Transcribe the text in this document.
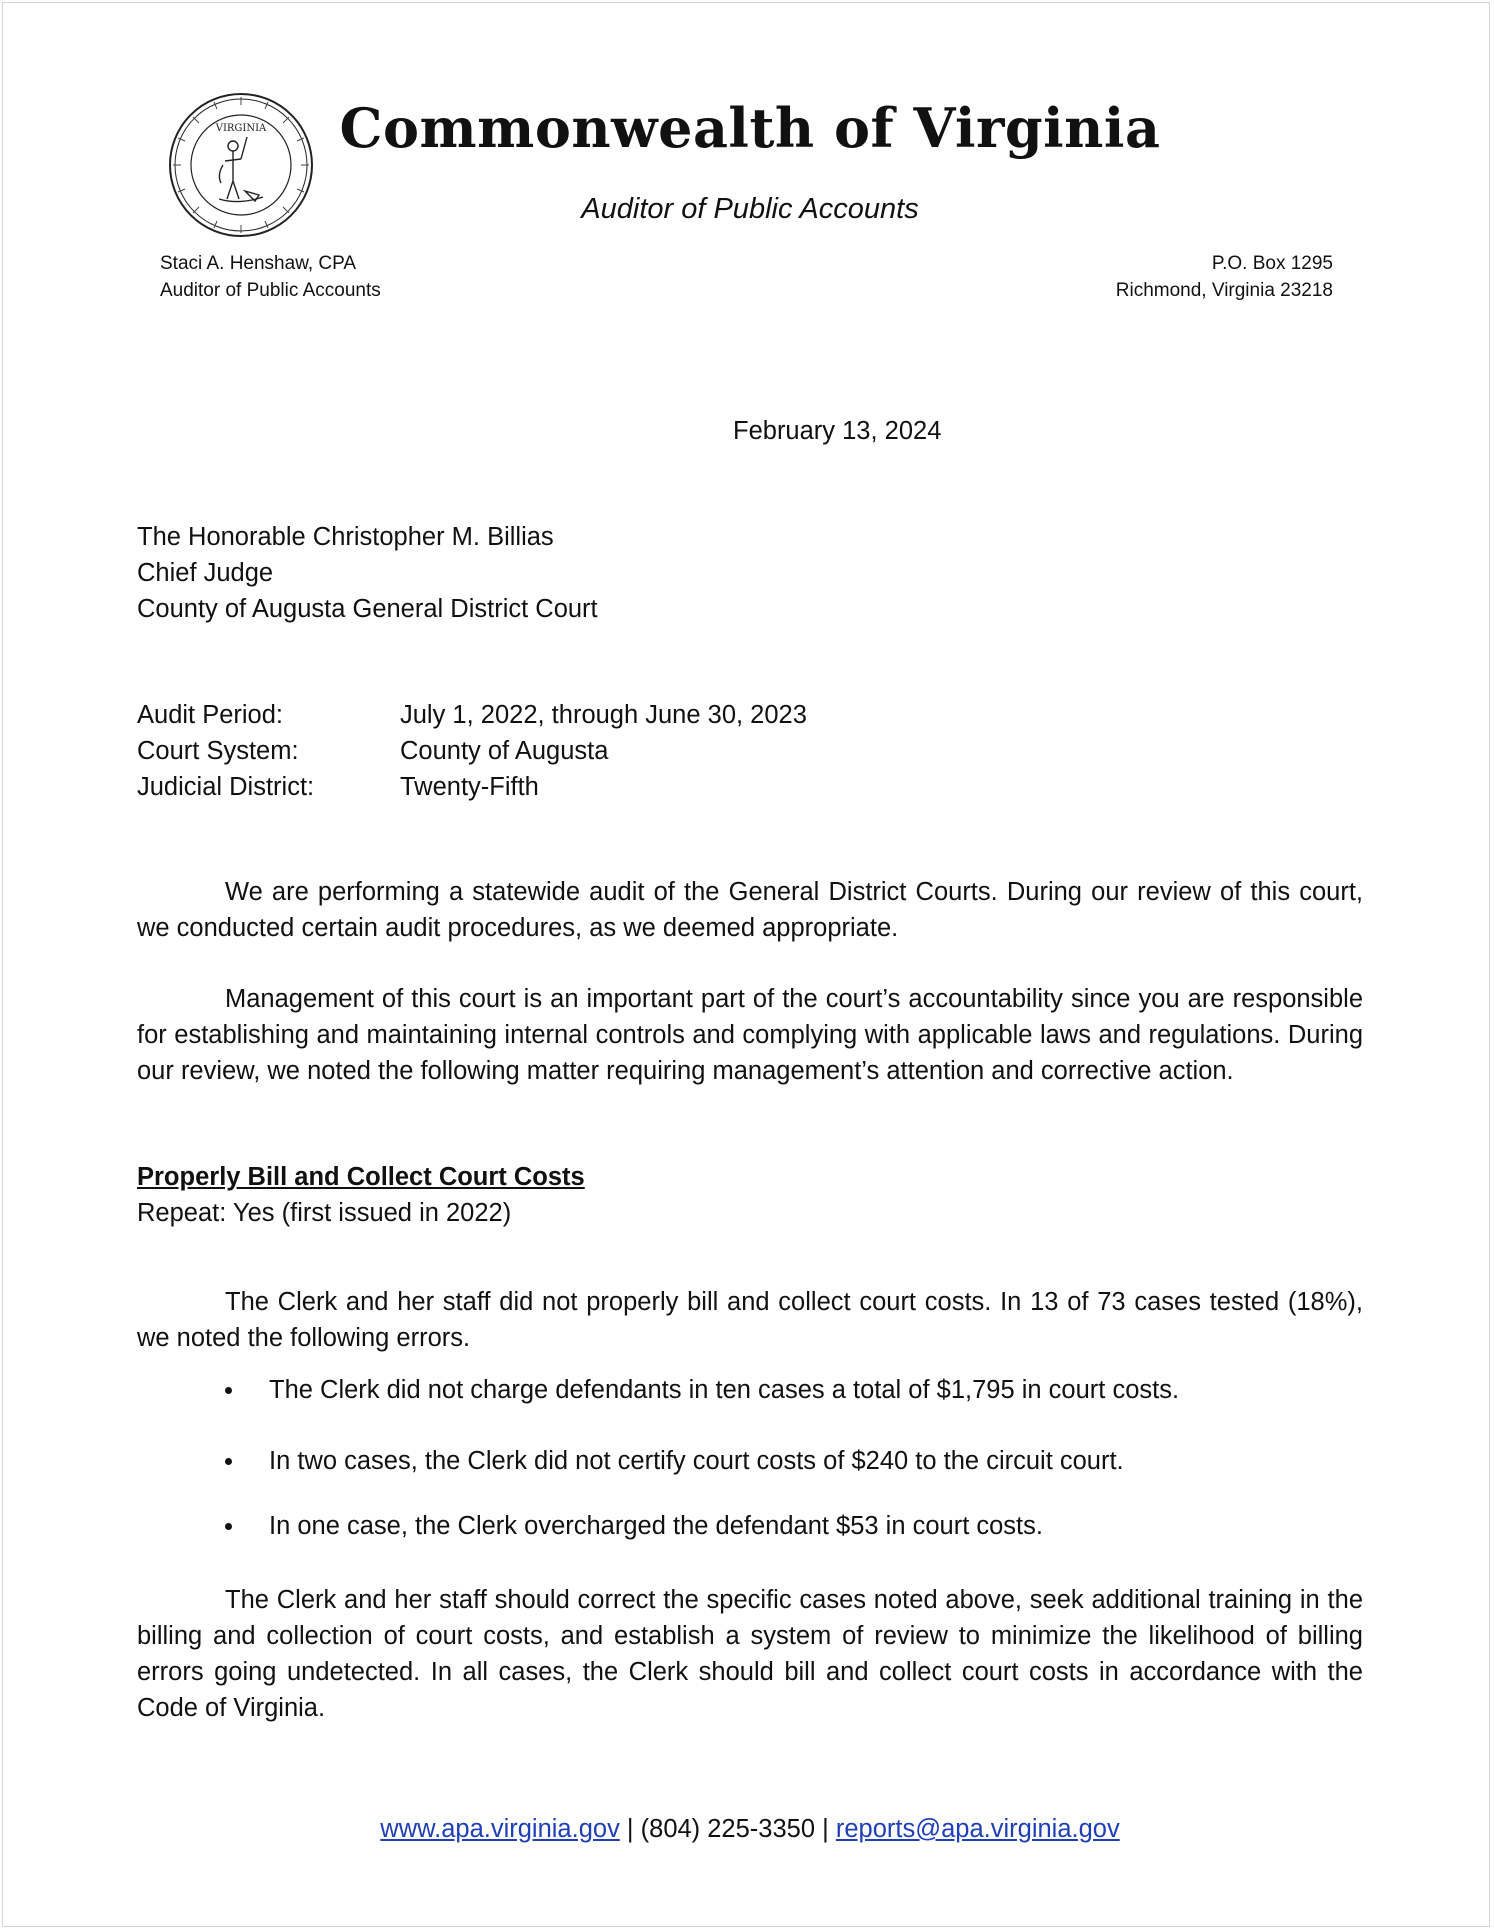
VIRGINIA Commonwealth of Virginia
Auditor of Public Accounts
Staci A. Henshaw, CPA
Auditor of Public Accounts
P.O. Box 1295
Richmond, Virginia 23218
February 13, 2024
The Honorable Christopher M. Billias
Chief Judge
County of Augusta General District Court
Audit Period:	July 1, 2022, through June 30, 2023
Court System:	County of Augusta
Judicial District:	Twenty-Fifth

We are performing a statewide audit of the General District Courts. During our review of this court, we conducted certain audit procedures, as we deemed appropriate.

Management of this court is an important part of the court’s accountability since you are responsible for establishing and maintaining internal controls and complying with applicable laws and regulations. During our review, we noted the following matter requiring management’s attention and corrective action.

Properly Bill and Collect Court Costs
Repeat: Yes (first issued in 2022)

The Clerk and her staff did not properly bill and collect court costs. In 13 of 73 cases tested (18%), we noted the following errors.

The Clerk did not charge defendants in ten cases a total of $1,795 in court costs.
In two cases, the Clerk did not certify court costs of $240 to the circuit court.
In one case, the Clerk overcharged the defendant $53 in court costs.

The Clerk and her staff should correct the specific cases noted above, seek additional training in the billing and collection of court costs, and establish a system of review to minimize the likelihood of billing errors going undetected. In all cases, the Clerk should bill and collect court costs in accordance with the Code of Virginia.

www.apa.virginia.gov | (804) 225-3350 | reports@apa.virginia.gov
